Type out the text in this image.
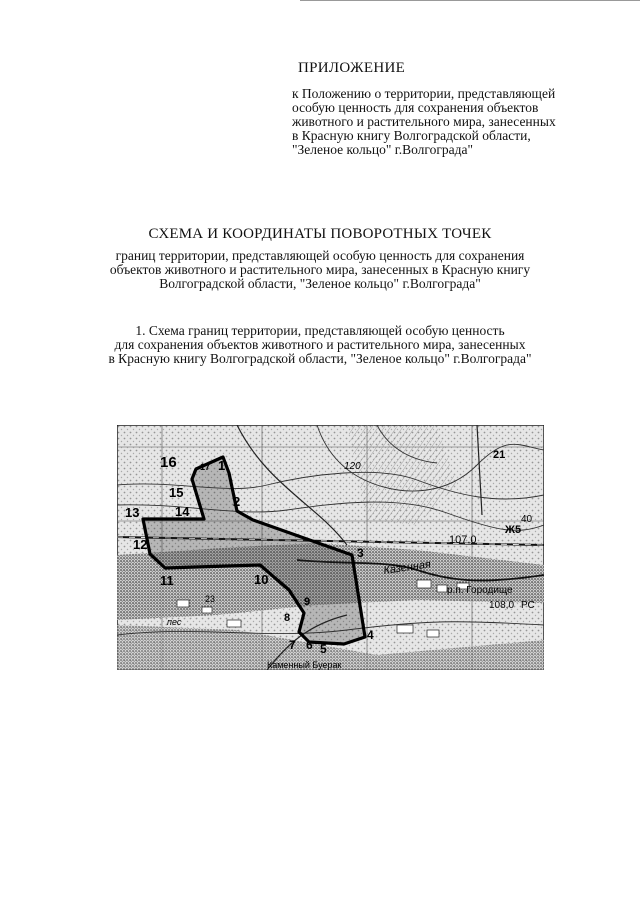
ПРИЛОЖЕНИЕ
к Положению о территории, представляющей
особую ценность для сохранения объектов
животного и растительного мира, занесенных
в Красную книгу Волгоградской области,
"Зеленое кольцо" г.Волгограда"
СХЕМА И КООРДИНАТЫ ПОВОРОТНЫХ ТОЧЕК
границ территории, представляющей особую ценность для сохранения
объектов животного и растительного мира, занесенных в Красную книгу
Волгоградской области, "Зеленое кольцо" г.Волгограда"
1. Схема границ территории, представляющей особую ценность
для сохранения объектов животного и растительного мира, занесенных
в Красную книгу Волгоградской области, "Зеленое кольцо" г.Волгограда"
1
2
3
4
5
6
7
8
9
10
11
12
13	14
15
16	17
Казенная
р.п. Городище
Каменный Буерак
120
107,0
108,0 РС
21
40
Ж5
23
пес
